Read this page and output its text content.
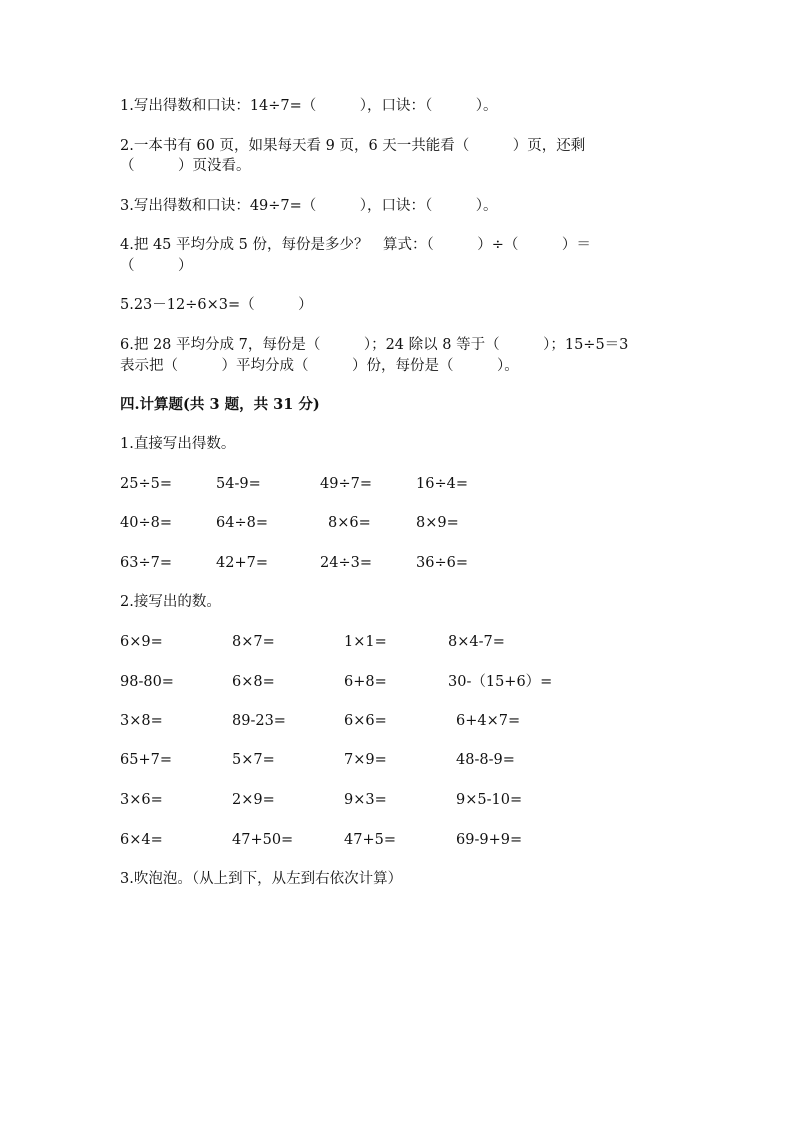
1.写出得数和口诀：14÷7=（　　　），口诀：（　　　）。
2.一本书有 60 页，如果每天看 9 页，6 天一共能看（　　　）页，还剩
（　　　）页没看。
3.写出得数和口诀：49÷7=（　　　），口诀：（　　　）。
4.把 45 平均分成 5 份，每份是多少？　算式：（　　　）÷（　　　）＝
（　　　）
5.23－12÷6×3=（　　　）
6.把 28 平均分成 7，每份是（　　　）；24 除以 8 等于（　　　）；15÷5＝3
表示把（　　　）平均分成（　　　）份，每份是（　　　）。
四.计算题(共 3 题，共 31 分)
1.直接写出得数。
25÷5=	54-9=	49÷7=	16÷4=
40÷8=	64÷8=	8×6=	8×9=
63÷7=	42+7=	24÷3=	36÷6=
2.接写出的数。
6×9=	8×7=	1×1=	8×4-7=
98-80=	6×8=	6+8=	30-（15+6）=
3×8=	89-23=	6×6=	6+4×7=
65+7=	5×7=	7×9=	48-8-9=
3×6=	2×9=	9×3=	9×5-10=
6×4=	47+50=	47+5=	69-9+9=
3.吹泡泡。（从上到下，从左到右依次计算）
